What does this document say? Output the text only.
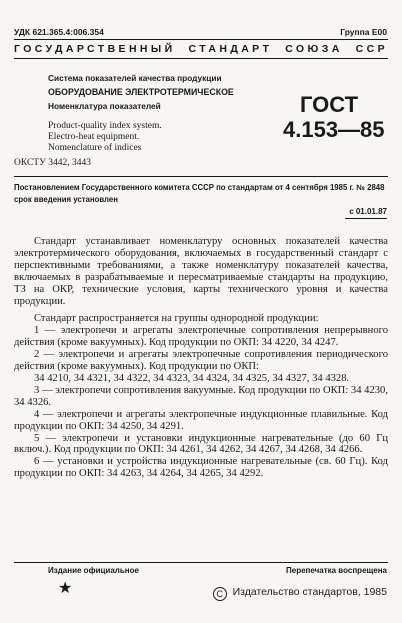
УДК 621.365.4:006.354	Группа Е00
ГОСУДАРСТВЕННЫЙ СТАНДАРТ СОЮЗА ССР
Система показателей качества продукции
ОБОРУДОВАНИЕ ЭЛЕКТРОТЕРМИЧЕСКОЕ
Номенклатура показателей
Product-quality index system.
Electro-heat equipment.
Nomenclature of indices
ГОСТ
4.153—85
ОКСТУ 3442, 3443
Постановлением Государственного комитета СССР по стандартам от 4 сентября 1985 г. № 2848 срок введения установлен
с 01.01.87

Стандарт устанавливает номенклатуру основных показателей качества электротермического оборудования, включаемых в государственный стандарт с перспективными требованиями, а также номенклатуру показателей качества, включаемых в разрабатываемые и пересматриваемые стандарты на продукцию, ТЗ на ОКР, технические условия, карты технического уровня и качества продукции.

Стандарт распространяется на группы однородной продукции:

1 — электропечи и агрегаты электропечные сопротивления непрерывного действия (кроме вакуумных). Код продукции по ОКП: 34 4220, 34 4247.

2 — электропечи и агрегаты электропечные сопротивления периодического действия (кроме вакуумных). Код продукции по ОКП:

34 4210, 34 4321, 34 4322, 34 4323, 34 4324, 34 4325, 34 4327, 34 4328.

3 — электропечи сопротивления вакуумные. Код продукции по ОКП: 34 4230, 34 4326.

4 — электропечи и агрегаты электропечные индукционные плавильные. Код продукции по ОКП: 34 4250, 34 4291.

5 — электропечи и установки индукционные нагревательные (до 60 Гц включ.). Код продукции по ОКП: 34 4261, 34 4262, 34 4267, 34 4268, 34 4266.

6 — установки и устройства индукционные нагревательные (св. 60 Гц). Код продукции по ОКП: 34 4263, 34 4264, 34 4265, 34 4292.

Издание официальное	Перепечатка воспрещена
★	С Издательство стандартов, 1985
